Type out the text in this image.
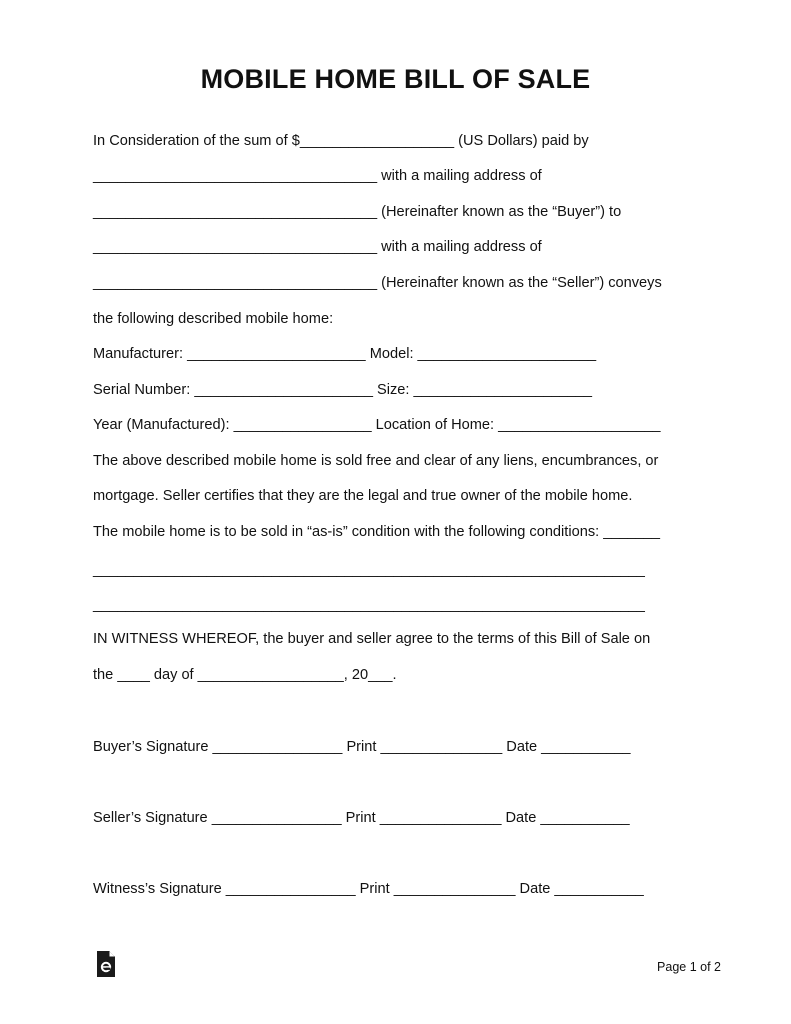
MOBILE HOME BILL OF SALE
In Consideration of the sum of $___________________ (US Dollars) paid by
___________________________________ with a mailing address of
___________________________________ (Hereinafter known as the “Buyer”) to
___________________________________ with a mailing address of
___________________________________ (Hereinafter known as the “Seller”) conveys
the following described mobile home:
Manufacturer: ______________________ Model: ______________________
Serial Number: ______________________ Size: ______________________
Year (Manufactured): _________________ Location of Home: ____________________
The above described mobile home is sold free and clear of any liens, encumbrances, or
mortgage. Seller certifies that they are the legal and true owner of the mobile home.
The mobile home is to be sold in “as-is” condition with the following conditions: _______
____________________________________________________________________
____________________________________________________________________
IN WITNESS WHEREOF, the buyer and seller agree to the terms of this Bill of Sale on
the ____ day of __________________, 20___.
Buyer’s Signature ________________ Print _______________ Date ___________
Seller’s Signature ________________ Print _______________ Date ___________
Witness’s Signature ________________ Print _______________ Date ___________
Page 1 of 2
